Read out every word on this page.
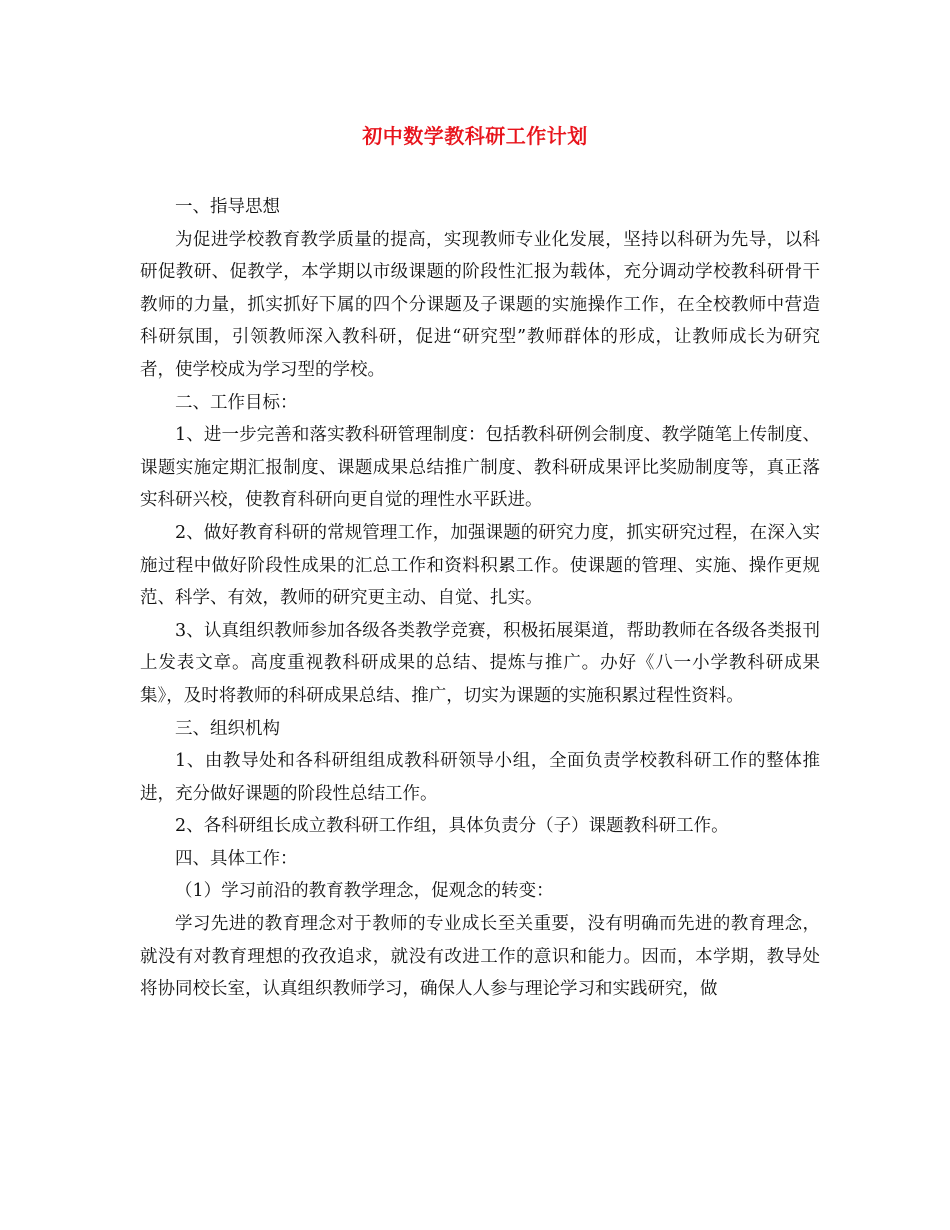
初中数学教科研工作计划

一、指导思想

为促进学校教育教学质量的提高，实现教师专业化发展，坚持以科研为先导，以科研促教研、促教学，本学期以市级课题的阶段性汇报为载体，充分调动学校教科研骨干教师的力量，抓实抓好下属的四个分课题及子课题的实施操作工作，在全校教师中营造科研氛围，引领教师深入教科研，促进“研究型”教师群体的形成，让教师成长为研究者，使学校成为学习型的学校。

二、工作目标：

1、进一步完善和落实教科研管理制度：包括教科研例会制度、教学随笔上传制度、课题实施定期汇报制度、课题成果总结推广制度、教科研成果评比奖励制度等，真正落实科研兴校，使教育科研向更自觉的理性水平跃进。

2、做好教育科研的常规管理工作，加强课题的研究力度，抓实研究过程，在深入实施过程中做好阶段性成果的汇总工作和资料积累工作。使课题的管理、实施、操作更规范、科学、有效，教师的研究更主动、自觉、扎实。

3、认真组织教师参加各级各类教学竞赛，积极拓展渠道，帮助教师在各级各类报刊上发表文章。高度重视教科研成果的总结、提炼与推广。办好《八一小学教科研成果集》，及时将教师的科研成果总结、推广，切实为课题的实施积累过程性资料。

三、组织机构

1、由教导处和各科研组组成教科研领导小组，全面负责学校教科研工作的整体推进，充分做好课题的阶段性总结工作。

2、各科研组长成立教科研工作组，具体负责分（子）课题教科研工作。

四、具体工作：

（1）学习前沿的教育教学理念，促观念的转变：

学习先进的教育理念对于教师的专业成长至关重要，没有明确而先进的教育理念，就没有对教育理想的孜孜追求，就没有改进工作的意识和能力。因而，本学期，教导处将协同校长室，认真组织教师学习，确保人人参与理论学习和实践研究，做
